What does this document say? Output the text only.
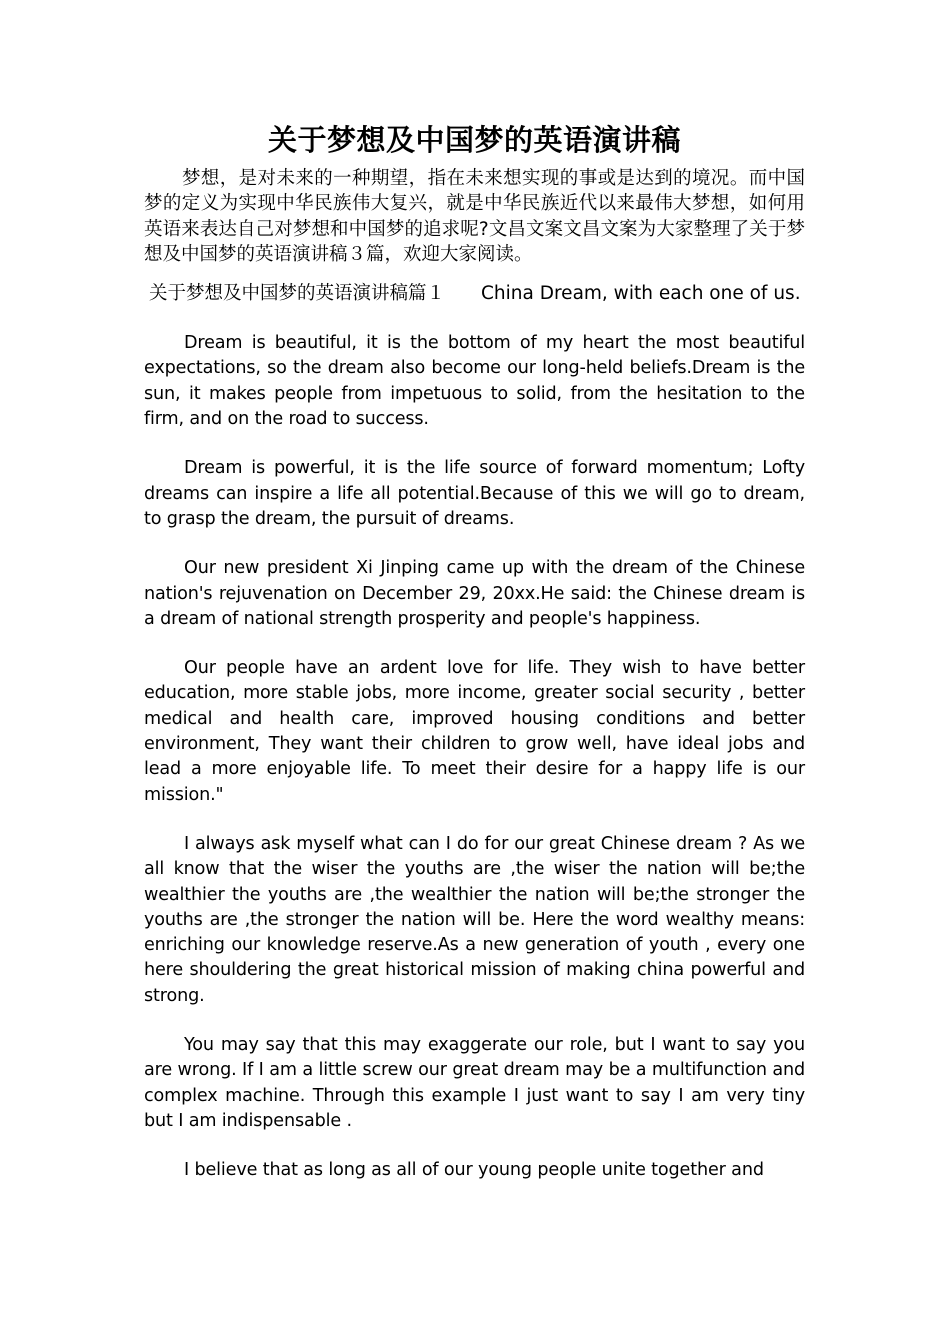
关于梦想及中国梦的英语演讲稿

梦想，是对未来的一种期望，指在未来想实现的事或是达到的境况。而中国梦的定义为实现中华民族伟大复兴，就是中华民族近代以来最伟大梦想，如何用英语来表达自己对梦想和中国梦的追求呢?文昌文案文昌文案为大家整理了关于梦想及中国梦的英语演讲稿３篇，欢迎大家阅读。

关于梦想及中国梦的英语演讲稿篇１ China Dream, with each one of us.

Dream is beautiful, it is the bottom of my heart the most beautiful expectations, so the dream also become our long-held beliefs.Dream is the sun, it makes people from impetuous to solid, from the hesitation to the firm, and on the road to success.

Dream is powerful, it is the life source of forward momentum; Lofty dreams can inspire a life all potential.Because of this we will go to dream, to grasp the dream, the pursuit of dreams.

Our new president Xi Jinping came up with the dream of the Chinese nation's rejuvenation on December 29, 20xx.He said: the Chinese dream is a dream of national strength prosperity and people's happiness.

Our people have an ardent love for life. They wish to have better education, more stable jobs, more income, greater social security , better medical and health care, improved housing conditions and better environment, They want their children to grow well, have ideal jobs and lead a more enjoyable life. To meet their desire for a happy life is our mission."

I always ask myself what can I do for our great Chinese dream ? As we all know that the wiser the youths are ,the wiser the nation will be;the wealthier the youths are ,the wealthier the nation will be;the stronger the youths are ,the stronger the nation will be. Here the word wealthy means: enriching our knowledge reserve.As a new generation of youth , every one here shouldering the great historical mission of making china powerful and strong.

You may say that this may exaggerate our role, but I want to say you are wrong. If I am a little screw our great dream may be a multifunction and complex machine. Through this example I just want to say I am very tiny but I am indispensable .

I believe that as long as all of our young people unite together and
